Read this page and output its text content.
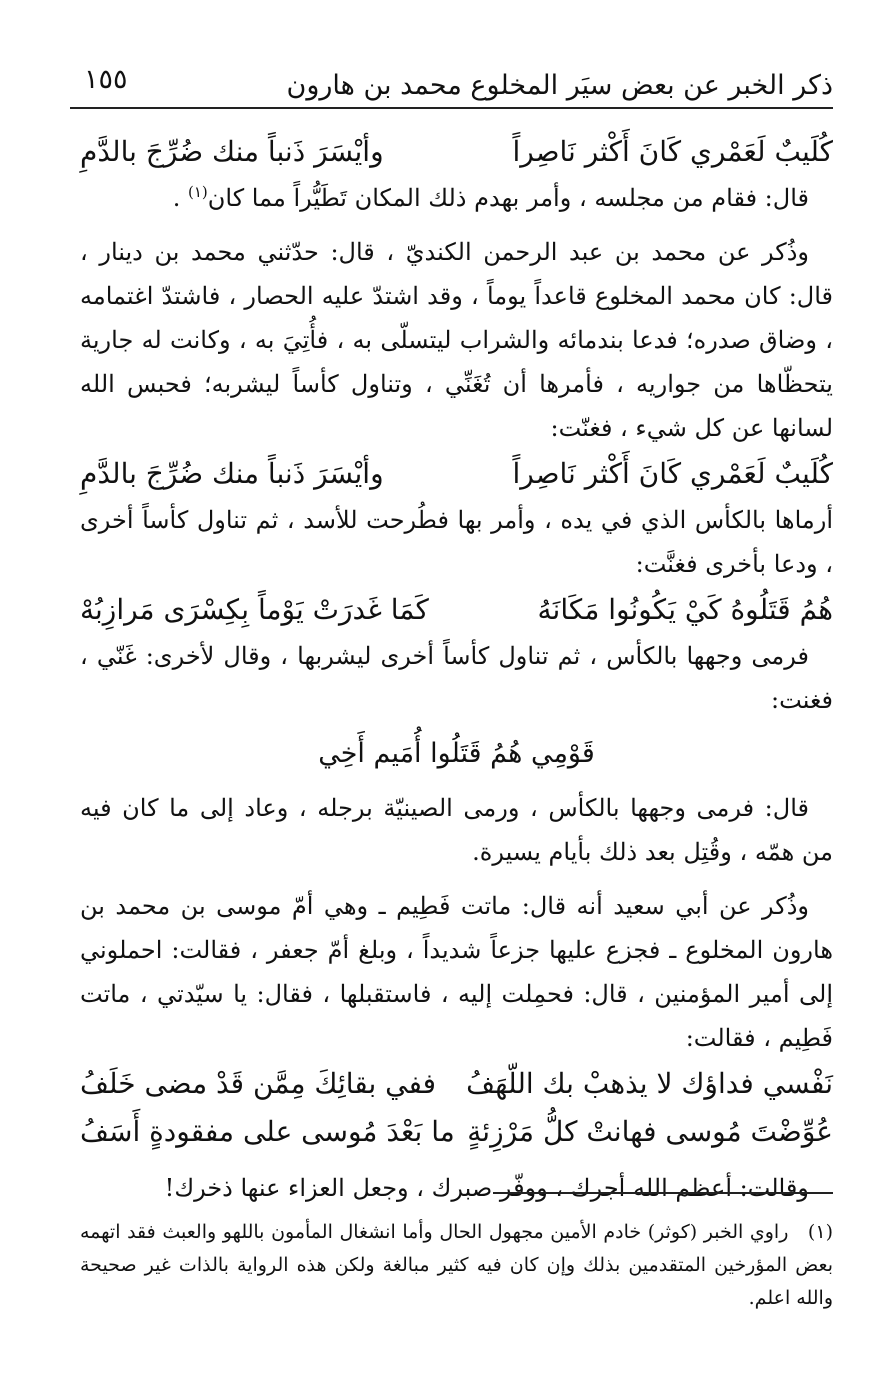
ذكر الخبر عن بعض سيَر المخلوع محمد بن هارون
١٥٥
كُلَيبٌ لَعَمْري كَانَ أَكْثر نَاصِراً
وأيْسَرَ ذَنباً منك ضُرِّجَ بالدَّمِ

قال: فقام من مجلسه ، وأمر بهدم ذلك المكان تَطَيُّراً مما كان$^{(١)}$ .

وذُكر عن محمد بن عبد الرحمن الكنديّ ، قال: حدّثني محمد بن دينار ، قال: كان محمد المخلوع قاعداً يوماً ، وقد اشتدّ عليه الحصار ، فاشتدّ اغتمامه ، وضاق صدره؛ فدعا بندمائه والشراب ليتسلّى به ، فأُتِيَ به ، وكانت له جارية يتحظّاها من جواريه ، فأمرها أن تُغَنِّي ، وتناول كأساً ليشربه؛ فحبس الله لسانها عن كل شيء ، فغنّت:

كُلَيبٌ لَعَمْري كَانَ أَكْثر نَاصِراً
وأيْسَرَ ذَنباً منك ضُرِّجَ بالدَّمِ

أرماها بالكأس الذي في يده ، وأمر بها فطُرحت للأسد ، ثم تناول كأساً أخرى ، ودعا بأخرى فغنَّت:

هُمُ قَتَلُوهُ كَيْ يَكُونُوا مَكَانَهُ
كَمَا غَدرَتْ يَوْماً بِكِسْرَى مَرازِبُهْ

فرمى وجهها بالكأس ، ثم تناول كأساً أخرى ليشربها ، وقال لأخرى: غَنّي ، فغنت:

قَوْمِي هُمُ قَتَلُوا أُمَيم أَخِي

قال: فرمى وجهها بالكأس ، ورمى الصينيّة برجله ، وعاد إلى ما كان فيه من همّه ، وقُتِل بعد ذلك بأيام يسيرة.

وذُكر عن أبي سعيد أنه قال: ماتت فَطِيم ـ وهي أمّ موسى بن محمد بن هارون المخلوع ـ فجزع عليها جزعاً شديداً ، وبلغ أمّ جعفر ، فقالت: احملوني إلى أمير المؤمنين ، قال: فحمِلت إليه ، فاستقبلها ، فقال: يا سيّدتي ، ماتت فَطِيم ، فقالت:

نَفْسي فداؤك لا يذهبْ بك اللّهَفُ
ففي بقائِكَ مِمَّن قَدْ مضى خَلَفُ
عُوِّضْتَ مُوسى فهانتْ كلُّ مَرْزِئةٍ
ما بَعْدَ مُوسى على مفقودةٍ أَسَفُ

وقالت: أعظم الله أجرك ، ووفّر صبرك ، وجعل العزاء عنها ذخرك!

(١) راوي الخبر (كوثر) خادم الأمين مجهول الحال وأما انشغال المأمون باللهو والعبث فقد اتهمه بعض المؤرخين المتقدمين بذلك وإن كان فيه كثير مبالغة ولكن هذه الرواية بالذات غير صحيحة والله اعلم.
